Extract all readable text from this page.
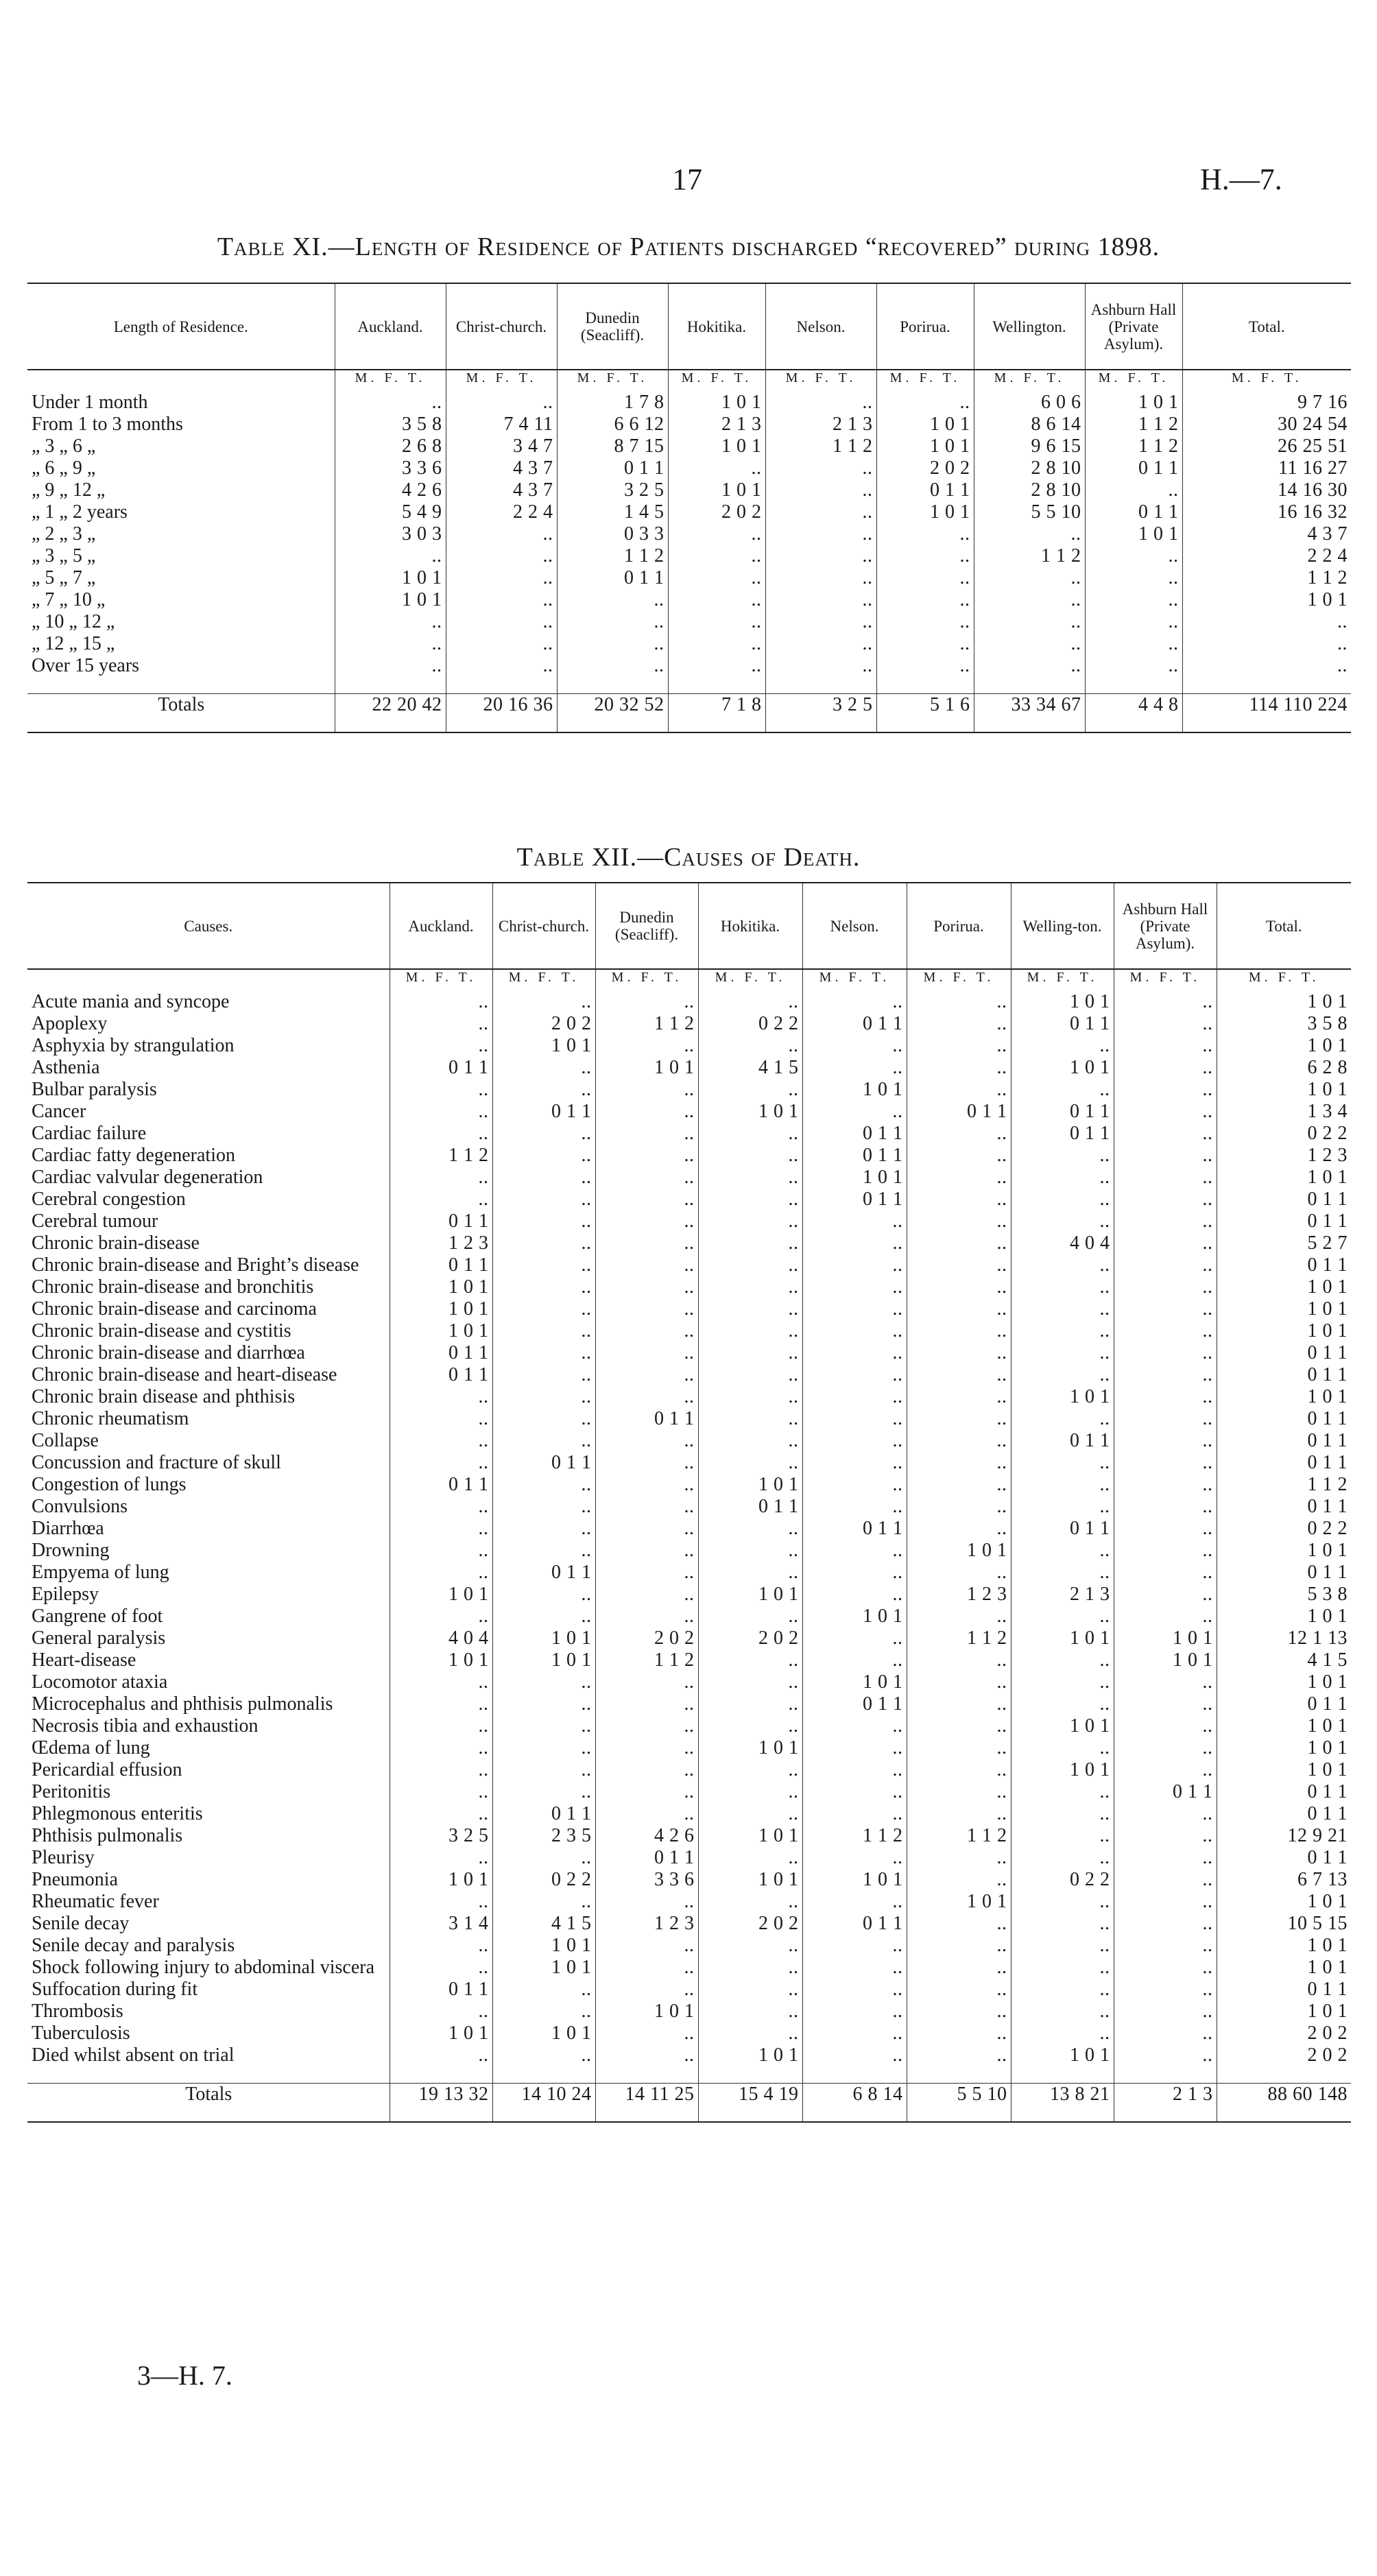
17	H.—7.
Table XI.—Length of Residence of Patients discharged “recovered” during 1898.
Length of Residence.	Auckland.	Christ-church.	Dunedin (Seacliff).	Hokitika.	Nelson.	Porirua.	Wellington.	Ashburn Hall (Private Asylum).	Total.
	M. F. T.	M. F. T.	M. F. T.	M. F. T.	M. F. T.	M. F. T.	M. F. T.	M. F. T.	M. F. T.
Under 1 month	..	..	1 7 8	1 0 1	..	..	6 0 6	1 0 1	9 7 16
From 1 to 3 months	3 5 8	7 4 11	6 6 12	2 1 3	2 1 3	1 0 1	8 6 14	1 1 2	30 24 54
„ 3 „ 6 „	2 6 8	3 4 7	8 7 15	1 0 1	1 1 2	1 0 1	9 6 15	1 1 2	26 25 51
„ 6 „ 9 „	3 3 6	4 3 7	0 1 1	..	..	2 0 2	2 8 10	0 1 1	11 16 27
„ 9 „ 12 „	4 2 6	4 3 7	3 2 5	1 0 1	..	0 1 1	2 8 10	..	14 16 30
„ 1 „ 2 years	5 4 9	2 2 4	1 4 5	2 0 2	..	1 0 1	5 5 10	0 1 1	16 16 32
„ 2 „ 3 „	3 0 3	..	0 3 3	..	..	..	..	1 0 1	4 3 7
„ 3 „ 5 „	..	..	1 1 2	..	..	..	1 1 2	..	2 2 4
„ 5 „ 7 „	1 0 1	..	0 1 1	..	..	..	..	..	1 1 2
„ 7 „ 10 „	1 0 1	..	..	..	..	..	..	..	1 0 1
„ 10 „ 12 „	..	..	..	..	..	..	..	..	..
„ 12 „ 15 „	..	..	..	..	..	..	..	..	..
Over 15 years	..	..	..	..	..	..	..	..	..

Totals	22 20 42	20 16 36	20 32 52	7 1 8	3 2 5	5 1 6	33 34 67	4 4 8	114 110 224
Table XII.—Causes of Death.
Causes.	Auckland.	Christ-church.	Dunedin (Seacliff).	Hokitika.	Nelson.	Porirua.	Welling-ton.	Ashburn Hall (Private Asylum).	Total.
	M. F. T.	M. F. T.	M. F. T.	M. F. T.	M. F. T.	M. F. T.	M. F. T.	M. F. T.	M. F. T.
Acute mania and syncope	..	..	..	..	..	..	1 0 1	..	1 0 1
Apoplexy	..	2 0 2	1 1 2	0 2 2	0 1 1	..	0 1 1	..	3 5 8
Asphyxia by strangulation	..	1 0 1	..	..	..	..	..	..	1 0 1
Asthenia	0 1 1	..	1 0 1	4 1 5	..	..	1 0 1	..	6 2 8
Bulbar paralysis	..	..	..	..	1 0 1	..	..	..	1 0 1
Cancer	..	0 1 1	..	1 0 1	..	0 1 1	0 1 1	..	1 3 4
Cardiac failure	..	..	..	..	0 1 1	..	0 1 1	..	0 2 2
Cardiac fatty degeneration	1 1 2	..	..	..	0 1 1	..	..	..	1 2 3
Cardiac valvular degeneration	..	..	..	..	1 0 1	..	..	..	1 0 1
Cerebral congestion	..	..	..	..	0 1 1	..	..	..	0 1 1
Cerebral tumour	0 1 1	..	..	..	..	..	..	..	0 1 1
Chronic brain-disease	1 2 3	..	..	..	..	..	4 0 4	..	5 2 7
Chronic brain-disease and Bright’s disease	0 1 1	..	..	..	..	..	..	..	0 1 1
Chronic brain-disease and bronchitis	1 0 1	..	..	..	..	..	..	..	1 0 1
Chronic brain-disease and carcinoma	1 0 1	..	..	..	..	..	..	..	1 0 1
Chronic brain-disease and cystitis	1 0 1	..	..	..	..	..	..	..	1 0 1
Chronic brain-disease and diarrhœa	0 1 1	..	..	..	..	..	..	..	0 1 1
Chronic brain-disease and heart-disease	0 1 1	..	..	..	..	..	..	..	0 1 1
Chronic brain disease and phthisis	..	..	..	..	..	..	1 0 1	..	1 0 1
Chronic rheumatism	..	..	0 1 1	..	..	..	..	..	0 1 1
Collapse	..	..	..	..	..	..	0 1 1	..	0 1 1
Concussion and fracture of skull	..	0 1 1	..	..	..	..	..	..	0 1 1
Congestion of lungs	0 1 1	..	..	1 0 1	..	..	..	..	1 1 2
Convulsions	..	..	..	0 1 1	..	..	..	..	0 1 1
Diarrhœa	..	..	..	..	0 1 1	..	0 1 1	..	0 2 2
Drowning	..	..	..	..	..	1 0 1	..	..	1 0 1
Empyema of lung	..	0 1 1	..	..	..	..	..	..	0 1 1
Epilepsy	1 0 1	..	..	1 0 1	..	1 2 3	2 1 3	..	5 3 8
Gangrene of foot	..	..	..	..	1 0 1	..	..	..	1 0 1
General paralysis	4 0 4	1 0 1	2 0 2	2 0 2	..	1 1 2	1 0 1	1 0 1	12 1 13
Heart-disease	1 0 1	1 0 1	1 1 2	..	..	..	..	1 0 1	4 1 5
Locomotor ataxia	..	..	..	..	1 0 1	..	..	..	1 0 1
Microcephalus and phthisis pulmonalis	..	..	..	..	0 1 1	..	..	..	0 1 1
Necrosis tibia and exhaustion	..	..	..	..	..	..	1 0 1	..	1 0 1
Œdema of lung	..	..	..	1 0 1	..	..	..	..	1 0 1
Pericardial effusion	..	..	..	..	..	..	1 0 1	..	1 0 1
Peritonitis	..	..	..	..	..	..	..	0 1 1	0 1 1
Phlegmonous enteritis	..	0 1 1	..	..	..	..	..	..	0 1 1
Phthisis pulmonalis	3 2 5	2 3 5	4 2 6	1 0 1	1 1 2	1 1 2	..	..	12 9 21
Pleurisy	..	..	0 1 1	..	..	..	..	..	0 1 1
Pneumonia	1 0 1	0 2 2	3 3 6	1 0 1	1 0 1	..	0 2 2	..	6 7 13
Rheumatic fever	..	..	..	..	..	1 0 1	..	..	1 0 1
Senile decay	3 1 4	4 1 5	1 2 3	2 0 2	0 1 1	..	..	..	10 5 15
Senile decay and paralysis	..	1 0 1	..	..	..	..	..	..	1 0 1
Shock following injury to abdominal viscera	..	1 0 1	..	..	..	..	..	..	1 0 1
Suffocation during fit	0 1 1	..	..	..	..	..	..	..	0 1 1
Thrombosis	..	..	1 0 1	..	..	..	..	..	1 0 1
Tuberculosis	1 0 1	1 0 1	..	..	..	..	..	..	2 0 2
Died whilst absent on trial	..	..	..	1 0 1	..	..	1 0 1	..	2 0 2

Totals	19 13 32	14 10 24	14 11 25	15 4 19	6 8 14	5 5 10	13 8 21	2 1 3	88 60 148
3—H. 7.
